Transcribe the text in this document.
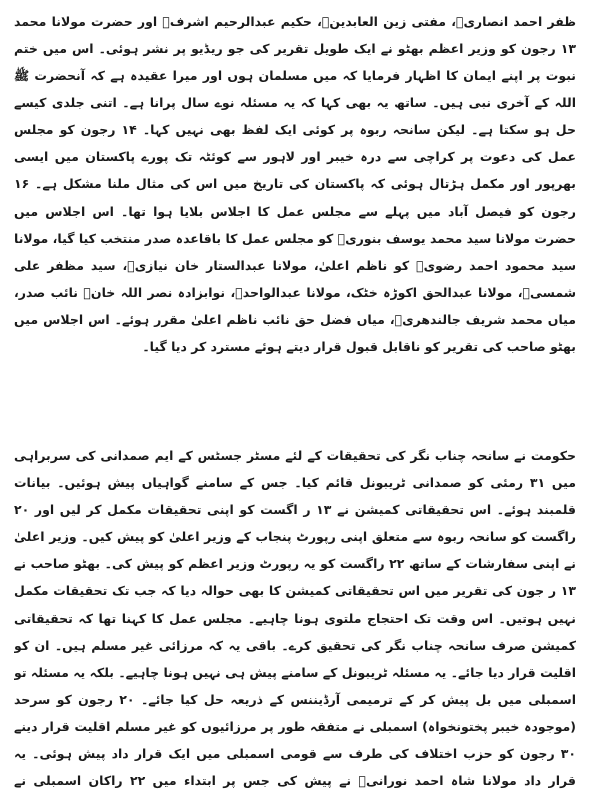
ظفر احمد انصاریؒ، مفتی زین العابدینؒ، حکیم عبدالرحیم اشرفؒ اور حضرت مولانا محمد

۱۳ رجون کو وزیر اعظم بھٹو نے ایک طویل تقریر کی جو ریڈیو پر نشر ہوئی۔ اس میں ختم نبوت پر اپنے ایمان کا اظہار فرمایا کہ میں مسلمان ہوں اور میرا عقیدہ ہے کہ آنحضرت ﷺ اللہ کے آخری نبی ہیں۔ ساتھ یہ بھی کہا کہ یہ مسئلہ نوے سال پرانا ہے۔ اتنی جلدی کیسے حل ہو سکتا ہے۔ لیکن سانحہ ربوہ پر کوئی ایک لفظ بھی نہیں کہا۔ ۱۴ رجون کو مجلس عمل کی دعوت پر کراچی سے درہ خیبر اور لاہور سے کوئٹہ تک پورے پاکستان میں ایسی بھرپور اور مکمل ہڑتال ہوئی کہ پاکستان کی تاریخ میں اس کی مثال ملنا مشکل ہے۔ ۱۶ رجون کو فیصل آباد میں پہلے سے مجلس عمل کا اجلاس بلایا ہوا تھا۔ اس اجلاس میں حضرت مولانا سید محمد یوسف بنوریؒ کو مجلس عمل کا باقاعدہ صدر منتخب کیا گیا، مولانا سید محمود احمد رضویؒ کو ناظم اعلیٰ، مولانا عبدالستار خان نیازیؒ، سید مظفر علی شمسیؒ، مولانا عبدالحق اکوڑہ خٹک، مولانا عبدالواحدؒ، نوابزادہ نصر اللہ خانؒ نائب صدر، میاں محمد شریف جالندھریؒ، میاں فضل حق نائب ناظم اعلیٰ مقرر ہوئے۔ اس اجلاس میں بھٹو صاحب کی تقریر کو ناقابل قبول قرار دیتے ہوئے مسترد کر دیا گیا۔

حکومت نے سانحہ چناب نگر کی تحقیقات کے لئے مسٹر جسٹس کے ایم صمدانی کی سربراہی میں ۳۱ رمئی کو صمدانی ٹریبونل قائم کیا۔ جس کے سامنے گواہیاں پیش ہوئیں۔ بیانات قلمبند ہوئے۔ اس تحقیقاتی کمیشن نے ۱۳ ر اگست کو اپنی تحقیقات مکمل کر لیں اور ۲۰ راگست کو سانحہ ربوہ سے متعلق اپنی رپورٹ پنجاب کے وزیر اعلیٰ کو پیش کیں۔ وزیر اعلیٰ نے اپنی سفارشات کے ساتھ ۲۲ راگست کو یہ رپورٹ وزیر اعظم کو پیش کی۔ بھٹو صاحب نے ۱۳ ر جون کی تقریر میں اس تحقیقاتی کمیشن کا بھی حوالہ دیا کہ جب تک تحقیقات مکمل نہیں ہوتیں۔ اس وقت تک احتجاج ملتوی ہونا چاہیے۔ مجلس عمل کا کہنا تھا کہ تحقیقاتی کمیشن صرف سانحہ چناب نگر کی تحقیق کرے۔ باقی یہ کہ مرزائی غیر مسلم ہیں۔ ان کو اقلیت قرار دیا جائے۔ یہ مسئلہ ٹریبونل کے سامنے پیش ہی نہیں ہونا چاہیے۔ بلکہ یہ مسئلہ تو اسمبلی میں بل پیش کر کے ترمیمی آرڈیننس کے ذریعہ حل کیا جائے۔ ۲۰ رجون کو سرحد (موجودہ خیبر پختونخواہ) اسمبلی نے متفقہ طور پر مرزائیوں کو غیر مسلم اقلیت قرار دینے

۳۰ رجون کو حزب اختلاف کی طرف سے قومی اسمبلی میں ایک قرار داد پیش ہوئی۔ یہ قرار داد مولانا شاہ احمد نورانیؒ نے پیش کی جس پر ابتداء میں ۲۲ راکان اسمبلی نے
